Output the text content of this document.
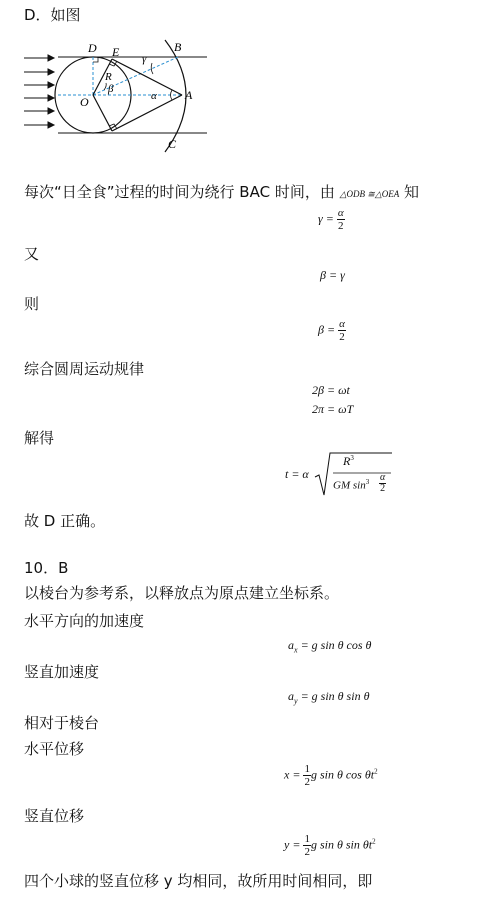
D．如图
D E	B
R
γ
β
O	α A
C
每次“日全食”过程的时间为绕行 BAC 时间，由 △ODB ≅△OEA 知
$\gamma = \frac{\alpha}{2}$
又
β = γ
则
$\beta = \frac{\alpha}{2}$
综合圆周运动规律
2β = ωt
2π = ωT
解得
t = α
$R^3$
GM $\sin^3 \frac{\alpha}{2}$
故 D 正确。
10．B
以棱台为参考系，以释放点为原点建立坐标系。
水平方向的加速度
$a_x = g$ sin θ cos θ
竖直加速度
$a_y = g$ sin θ sin θ
相对于棱台
水平位移
$x = \frac{1}{2}$ g sin θ $\cos \theta t^2$
竖直位移
$y = \frac{1}{2}$ g sin θ $\sin \theta t^2$
四个小球的竖直位移 y 均相同，故所用时间相同，即
